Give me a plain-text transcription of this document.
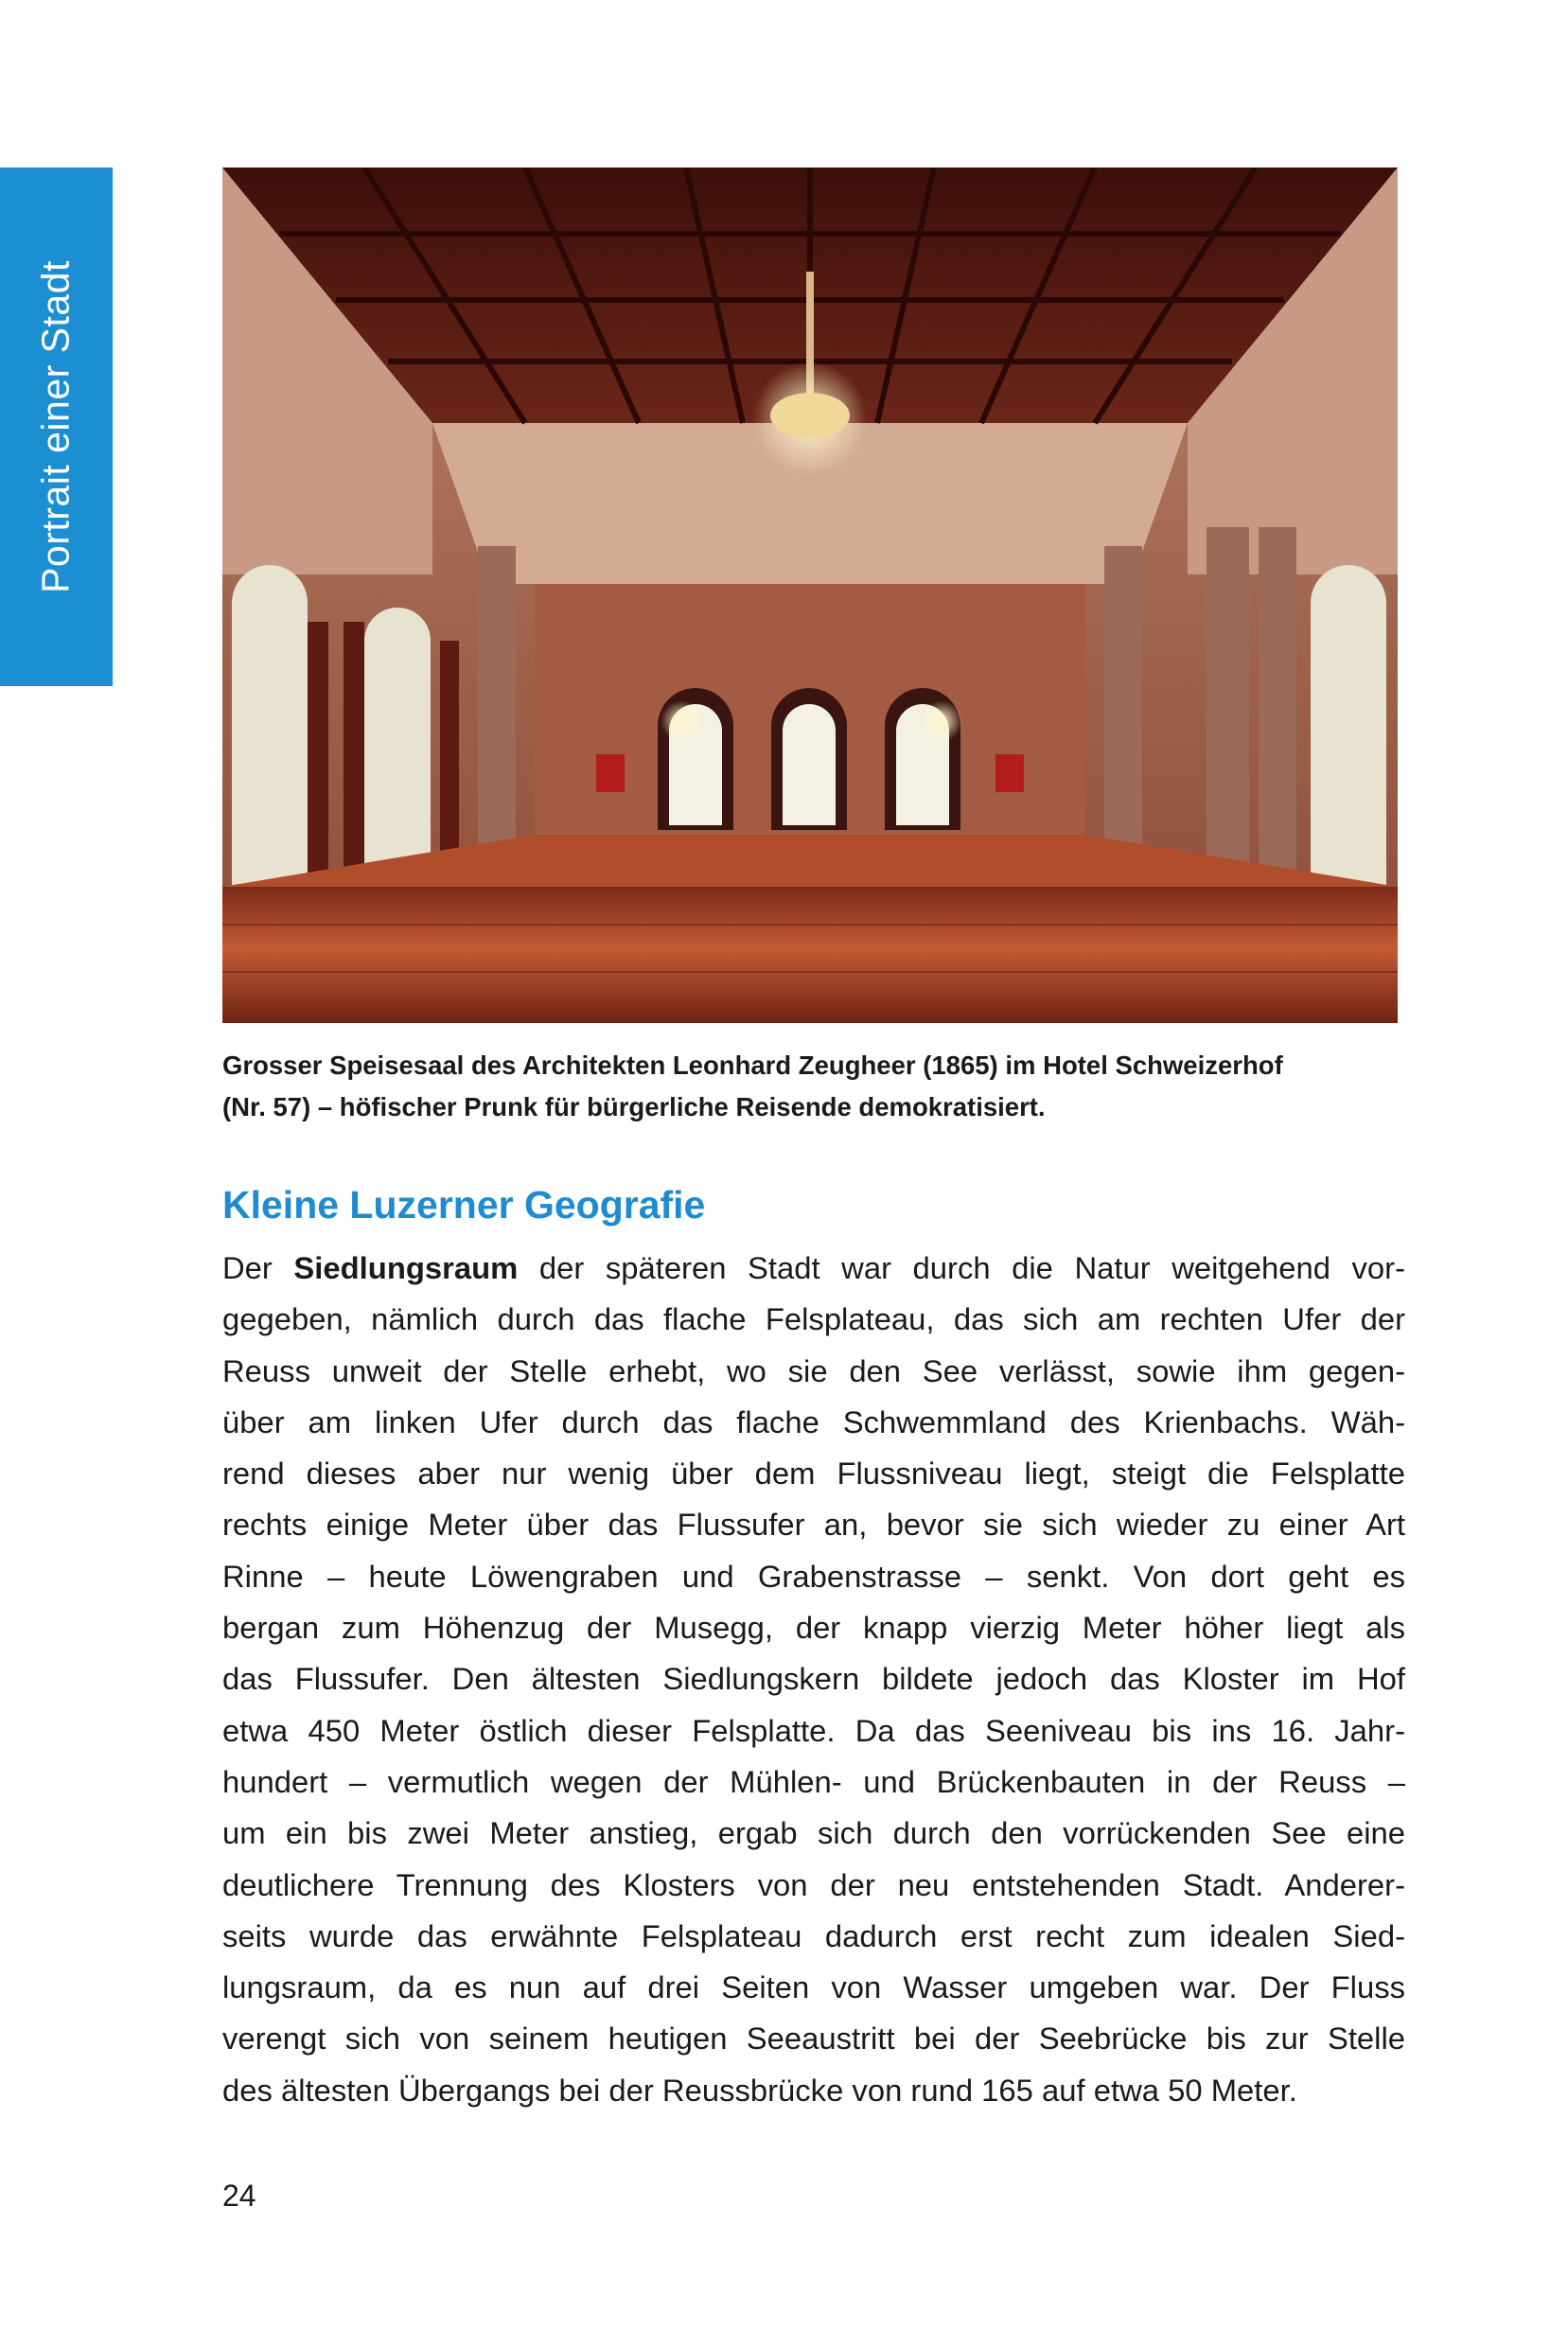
Portrait einer Stadt
Grosser Speisesaal des Architekten Leonhard Zeugheer (1865) im Hotel Schweizerhof
(Nr. 57) – höfischer Prunk für bürgerliche Reisende demokratisiert.
Kleine Luzerner Geografie
Der Siedlungsraum der späteren Stadt war durch die Natur weitgehend vor-
gegeben, nämlich durch das flache Felsplateau, das sich am rechten Ufer der
Reuss unweit der Stelle erhebt, wo sie den See verlässt, sowie ihm gegen-
über am linken Ufer durch das flache Schwemmland des Krienbachs. Wäh-
rend dieses aber nur wenig über dem Flussniveau liegt, steigt die Felsplatte
rechts einige Meter über das Flussufer an, bevor sie sich wieder zu einer Art
Rinne – heute Löwengraben und Grabenstrasse – senkt. Von dort geht es
bergan zum Höhenzug der Musegg, der knapp vierzig Meter höher liegt als
das Flussufer. Den ältesten Siedlungskern bildete jedoch das Kloster im Hof
etwa 450 Meter östlich dieser Felsplatte. Da das Seeniveau bis ins 16. Jahr-
hundert – vermutlich wegen der Mühlen- und Brückenbauten in der Reuss –
um ein bis zwei Meter anstieg, ergab sich durch den vorrückenden See eine
deutlichere Trennung des Klosters von der neu entstehenden Stadt. Anderer-
seits wurde das erwähnte Felsplateau dadurch erst recht zum idealen Sied-
lungsraum, da es nun auf drei Seiten von Wasser umgeben war. Der Fluss
verengt sich von seinem heutigen Seeaustritt bei der Seebrücke bis zur Stelle
des ältesten Übergangs bei der Reussbrücke von rund 165 auf etwa 50 Meter.
24
